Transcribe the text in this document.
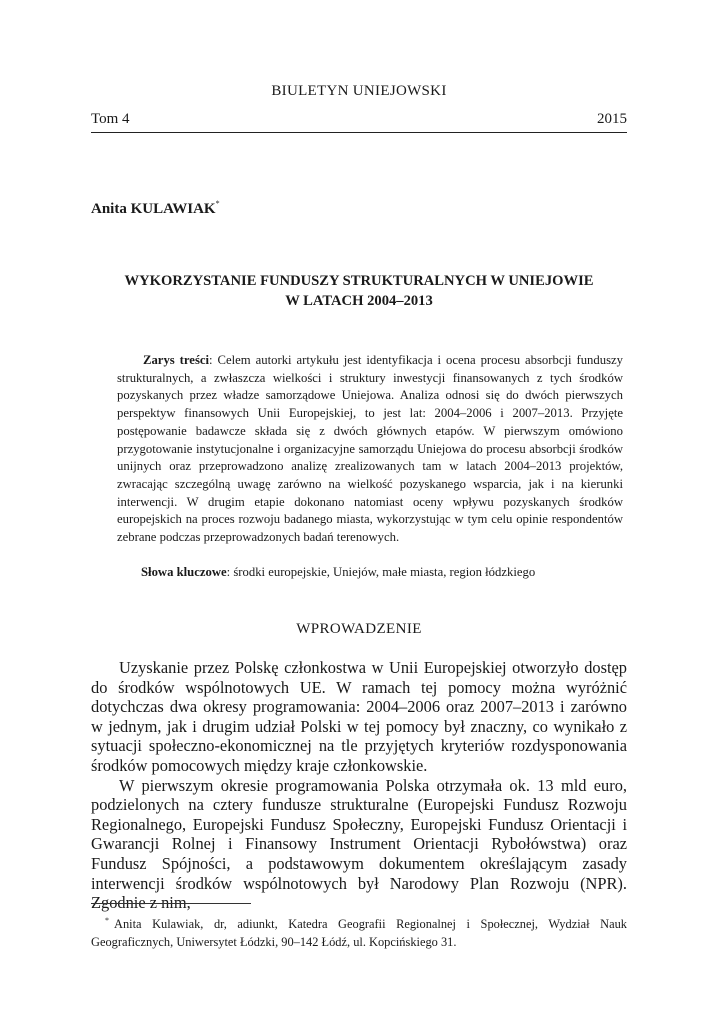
BIULETYN UNIEJOWSKI
Tom 4	2015
Anita KULAWIAK*
WYKORZYSTANIE FUNDUSZY STRUKTURALNYCH W UNIEJOWIE
W LATACH 2004–2013

Zarys treści: Celem autorki artykułu jest identyfikacja i ocena procesu absorbcji funduszy strukturalnych, a zwłaszcza wielkości i struktury inwestycji finansowanych z tych środków pozyskanych przez władze samorządowe Uniejowa. Analiza odnosi się do dwóch pierwszych perspektyw finansowych Unii Europejskiej, to jest lat: 2004–2006 i 2007–2013. Przyjęte postępowanie badawcze składa się z dwóch głównych etapów. W pierwszym omówiono przygotowanie instytucjonalne i organizacyjne samorządu Uniejowa do procesu absorbcji środków unijnych oraz przeprowadzono analizę zrealizowanych tam w latach 2004–2013 projektów, zwracając szczególną uwagę zarówno na wielkość pozyskanego wsparcia, jak i na kierunki interwencji. W drugim etapie dokonano natomiast oceny wpływu pozyskanych środków europejskich na proces rozwoju badanego miasta, wykorzystując w tym celu opinie respondentów zebrane podczas przeprowadzonych badań terenowych.

Słowa kluczowe: środki europejskie, Uniejów, małe miasta, region łódzkiego
WPROWADZENIE

Uzyskanie przez Polskę członkostwa w Unii Europejskiej otworzyło dostęp do środków wspólnotowych UE. W ramach tej pomocy można wyróżnić dotychczas dwa okresy programowania: 2004–2006 oraz 2007–2013 i zarówno w jednym, jak i drugim udział Polski w tej pomocy był znaczny, co wynikało z sytuacji społeczno-ekonomicznej na tle przyjętych kryteriów rozdysponowania środków pomocowych między kraje członkowskie.

W pierwszym okresie programowania Polska otrzymała ok. 13 mld euro, podzielonych na cztery fundusze strukturalne (Europejski Fundusz Rozwoju Regionalnego, Europejski Fundusz Społeczny, Europejski Fundusz Orientacji i Gwarancji Rolnej i Finansowy Instrument Orientacji Rybołówstwa) oraz Fundusz Spójności, a podstawowym dokumentem określającym zasady interwencji środków wspólnotowych był Narodowy Plan Rozwoju (NPR). Zgodnie z nim,

* Anita Kulawiak, dr, adiunkt, Katedra Geografii Regionalnej i Społecznej, Wydział Nauk Geograficznych, Uniwersytet Łódzki, 90–142 Łódź, ul. Kopcińskiego 31.
